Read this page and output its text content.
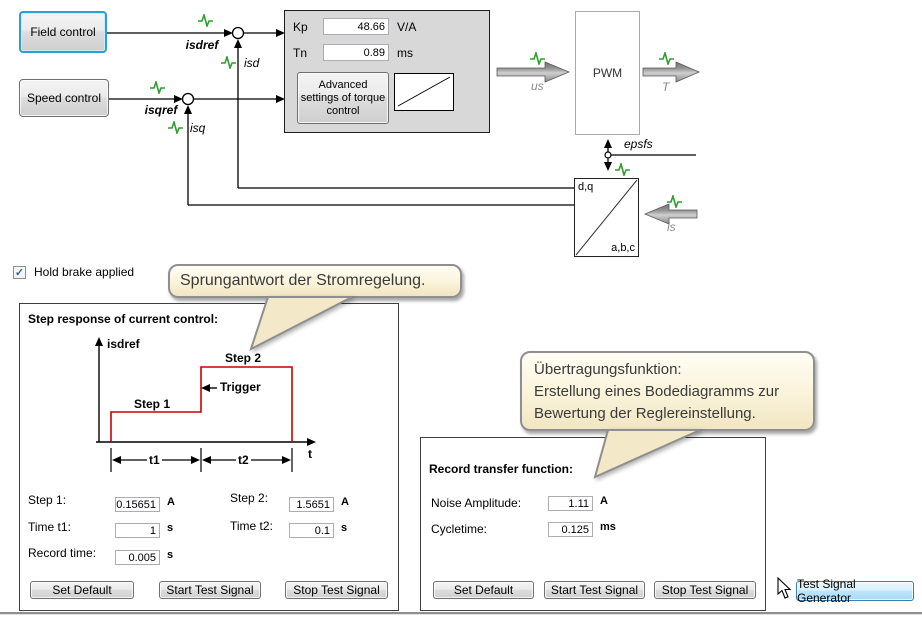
isdref
isd
isqref
isq
us	T
epsfs
is
Field control
Speed control
Kp
48.66	V/A
Tn
0.89	ms
Advanced settings of torque control
PWM
d,q
a,b,c
✓ Hold brake applied
Step response of current control:
isdref
Step 2
Trigger
Step 1
t
t1	t2
Step 1:
0.15651	A	Step 2:
1.5651	A
Time t1:
1	s	Time t2:
0.1	s
Record time:
0.005	s
Set Default	Start Test Signal	Stop Test Signal
Record transfer function:
Noise Amplitude:
1.11	A
Cycletime:
0.125	ms
Set Default	Start Test Signal	Stop Test Signal
Sprungantwort der Stromregelung.
Übertragungsfunktion:
Erstellung eines Bodediagramms zur
Bewertung der Reglereinstellung.
Test Signal Generator
